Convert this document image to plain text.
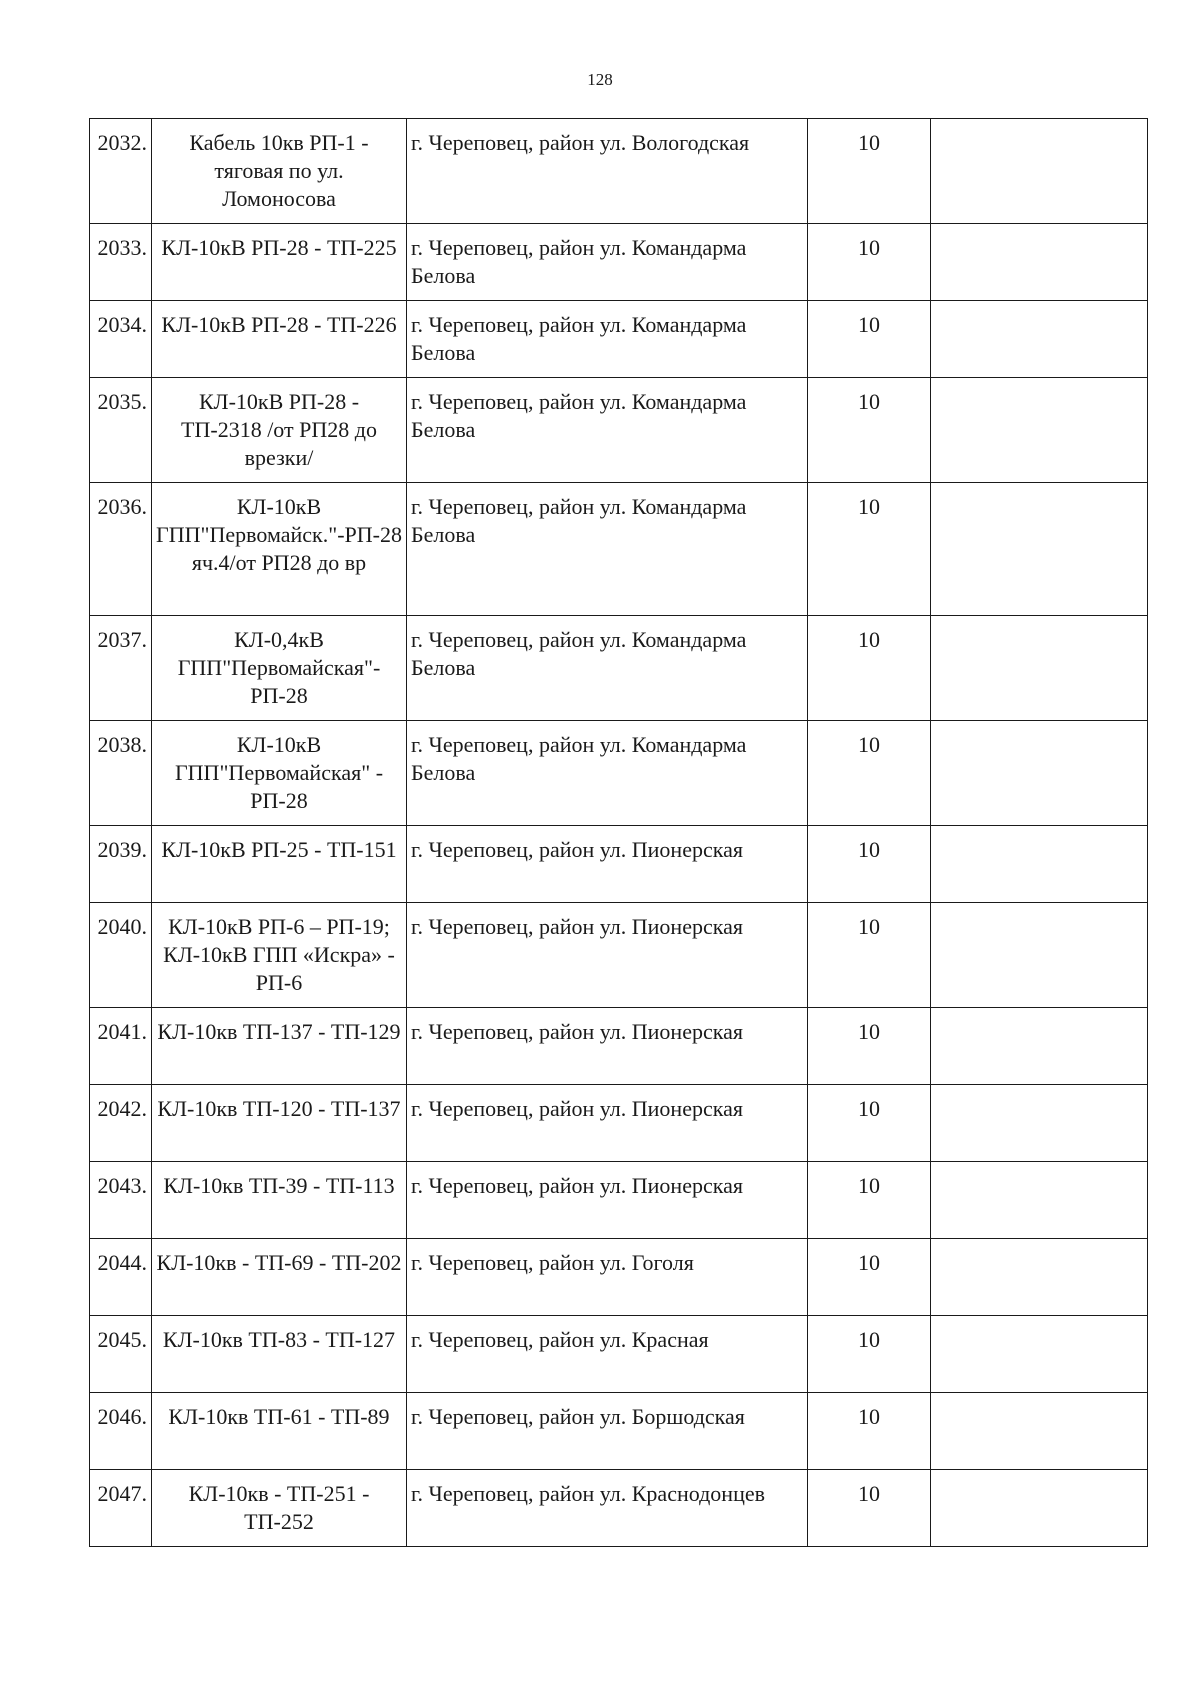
128
2032.	Кабель 10кв РП-1 - тяговая по ул. Ломоносова	г. Череповец, район ул. Вологодская	10	
2033.	КЛ-10кВ РП-28 - ТП-225	г. Череповец, район ул. Командарма Белова	10	
2034.	КЛ-10кВ РП-28 - ТП-226	г. Череповец, район ул. Командарма Белова	10	
2035.	КЛ-10кВ РП-28 - ТП-2318 /от РП28 до врезки/	г. Череповец, район ул. Командарма Белова	10	
2036.	КЛ-10кВ ГПП"Первомайск."-РП-28 яч.4/от РП28 до вр	г. Череповец, район ул. Командарма Белова	10	
2037.	КЛ-0,4кВ ГПП"Первомайская"-РП-28	г. Череповец, район ул. Командарма Белова	10	
2038.	КЛ-10кВ ГПП"Первомайская" - РП-28	г. Череповец, район ул. Командарма Белова	10	
2039.	КЛ-10кВ РП-25 - ТП-151	г. Череповец, район ул. Пионерская	10	
2040.	КЛ-10кВ РП-6 – РП-19; КЛ-10кВ ГПП «Искра» - РП-6	г. Череповец, район ул. Пионерская	10	
2041.	КЛ-10кв ТП-137 - ТП-129	г. Череповец, район ул. Пионерская	10	
2042.	КЛ-10кв ТП-120 - ТП-137	г. Череповец, район ул. Пионерская	10	
2043.	КЛ-10кв ТП-39 - ТП-113	г. Череповец, район ул. Пионерская	10	
2044.	КЛ-10кв - ТП-69 - ТП-202	г. Череповец, район ул. Гоголя	10	
2045.	КЛ-10кв ТП-83 - ТП-127	г. Череповец, район ул. Красная	10	
2046.	КЛ-10кв ТП-61 - ТП-89	г. Череповец, район ул. Боршодская	10	
2047.	КЛ-10кв - ТП-251 - ТП-252	г. Череповец, район ул. Краснодонцев	10	
